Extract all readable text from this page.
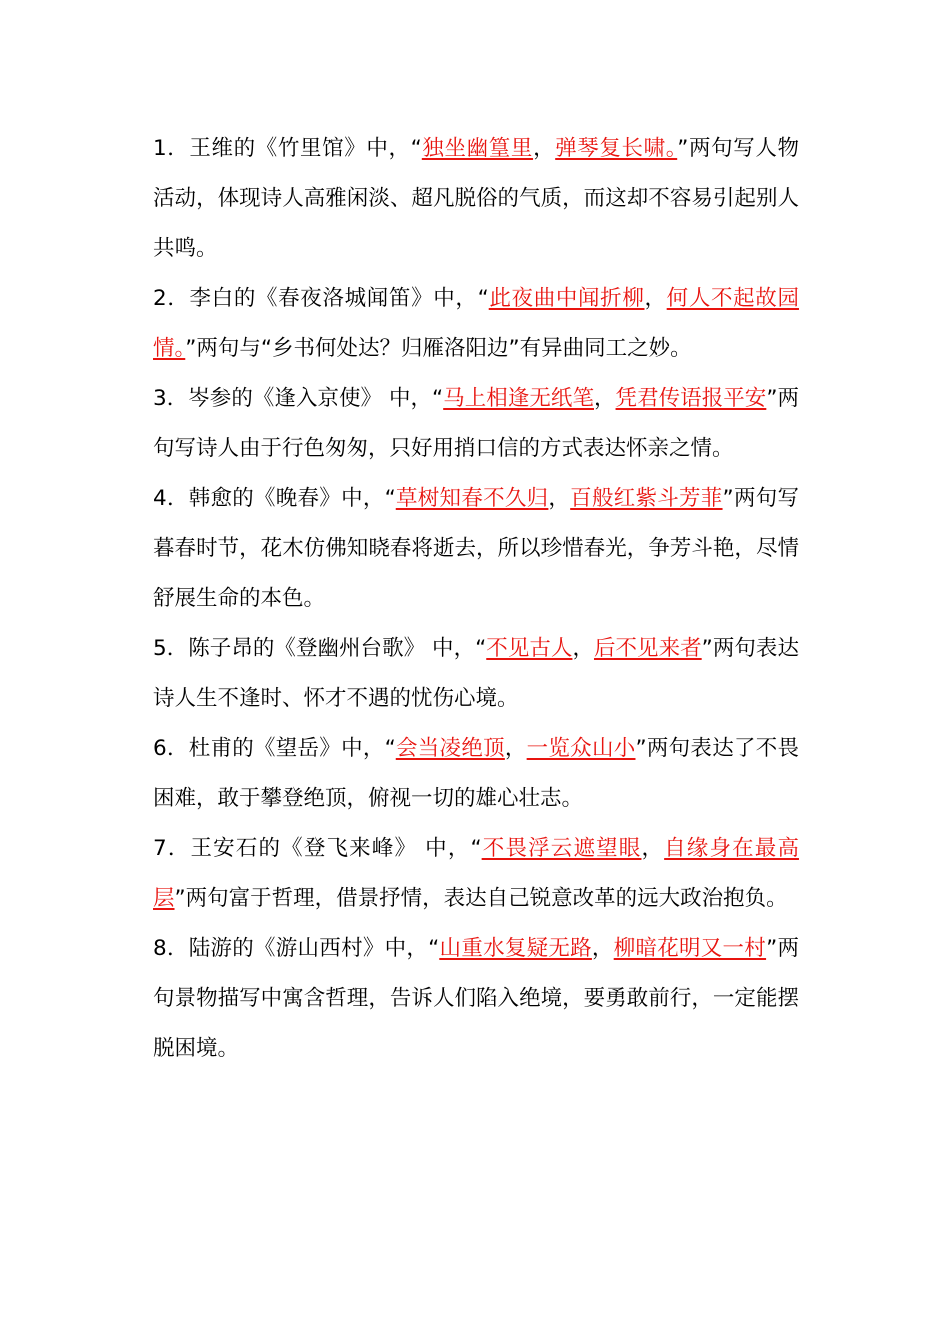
1．王维的《竹里馆》中，“独坐幽篁里，弹琴复长啸。”两句写人物活动，体现诗人高雅闲淡、超凡脱俗的气质，而这却不容易引起别人共鸣。

2．李白的《春夜洛城闻笛》中，“此夜曲中闻折柳，何人不起故园情。”两句与“乡书何处达？归雁洛阳边”有异曲同工之妙。

3．岑参的《逢入京使》 中，“马上相逢无纸笔，凭君传语报平安”两句写诗人由于行色匆匆，只好用捎口信的方式表达怀亲之情。

4．韩愈的《晚春》中，“草树知春不久归，百般红紫斗芳菲”两句写暮春时节，花木仿佛知晓春将逝去，所以珍惜春光，争芳斗艳，尽情舒展生命的本色。

5．陈子昂的《登幽州台歌》 中，“不见古人，后不见来者”两句表达诗人生不逢时、怀才不遇的忧伤心境。

6．杜甫的《望岳》中，“会当凌绝顶，一览众山小”两句表达了不畏困难，敢于攀登绝顶，俯视一切的雄心壮志。

7．王安石的《登飞来峰》 中，“不畏浮云遮望眼，自缘身在最高层”两句富于哲理，借景抒情，表达自己锐意改革的远大政治抱负。

8．陆游的《游山西村》中，“山重水复疑无路，柳暗花明又一村”两句景物描写中寓含哲理，告诉人们陷入绝境，要勇敢前行，一定能摆脱困境。
